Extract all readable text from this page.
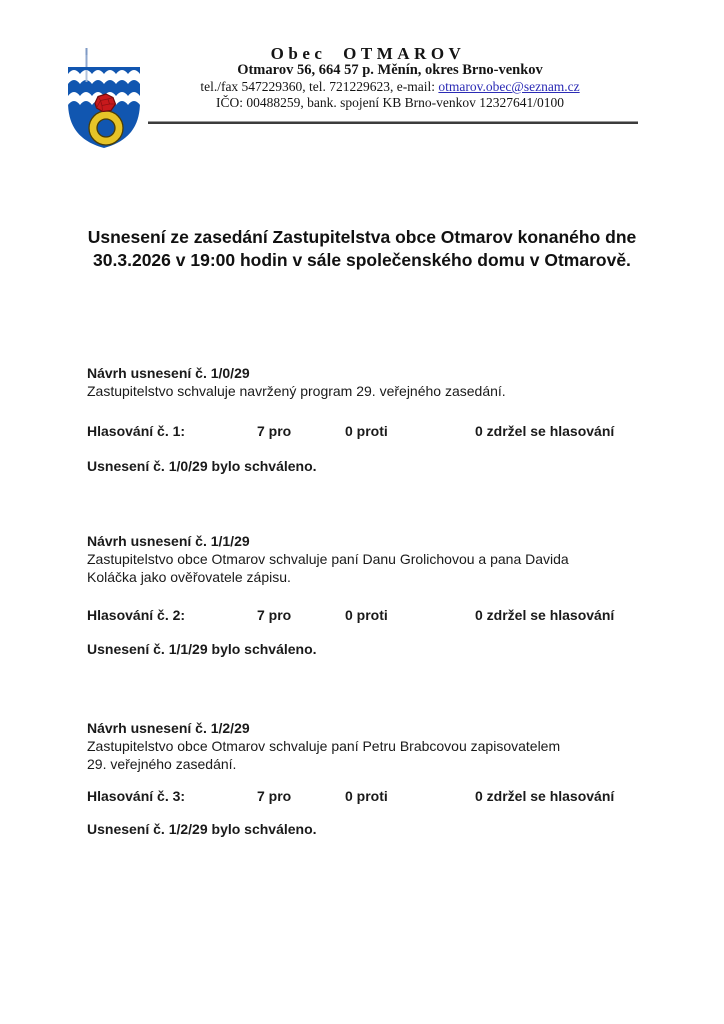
Obec OTMAROV
Otmarov 56, 664 57 p. Měnín, okres Brno-venkov
tel./fax 547229360, tel. 721229623, e-mail: otmarov.obec@seznam.cz
IČO: 00488259, bank. spojení KB Brno-venkov 12327641/0100
Usnesení ze zasedání Zastupitelstva obce Otmarov konaného dne
30.3.2026 v 19:00 hodin v sále společenského domu v Otmarově.
Návrh usnesení č. 1/0/29
Zastupitelstvo schvaluje navržený program 29. veřejného zasedání.
Hlasování č. 1:	7 pro	0 proti	0 zdržel se hlasování
Usnesení č. 1/0/29 bylo schváleno.
Návrh usnesení č. 1/1/29
Zastupitelstvo obce Otmarov schvaluje paní Danu Grolichovou a pana Davida
Koláčka jako ověřovatele zápisu.
Hlasování č. 2:	7 pro	0 proti	0 zdržel se hlasování
Usnesení č. 1/1/29 bylo schváleno.
Návrh usnesení č. 1/2/29
Zastupitelstvo obce Otmarov schvaluje paní Petru Brabcovou zapisovatelem
29. veřejného zasedání.
Hlasování č. 3:	7 pro	0 proti	0 zdržel se hlasování
Usnesení č. 1/2/29 bylo schváleno.
